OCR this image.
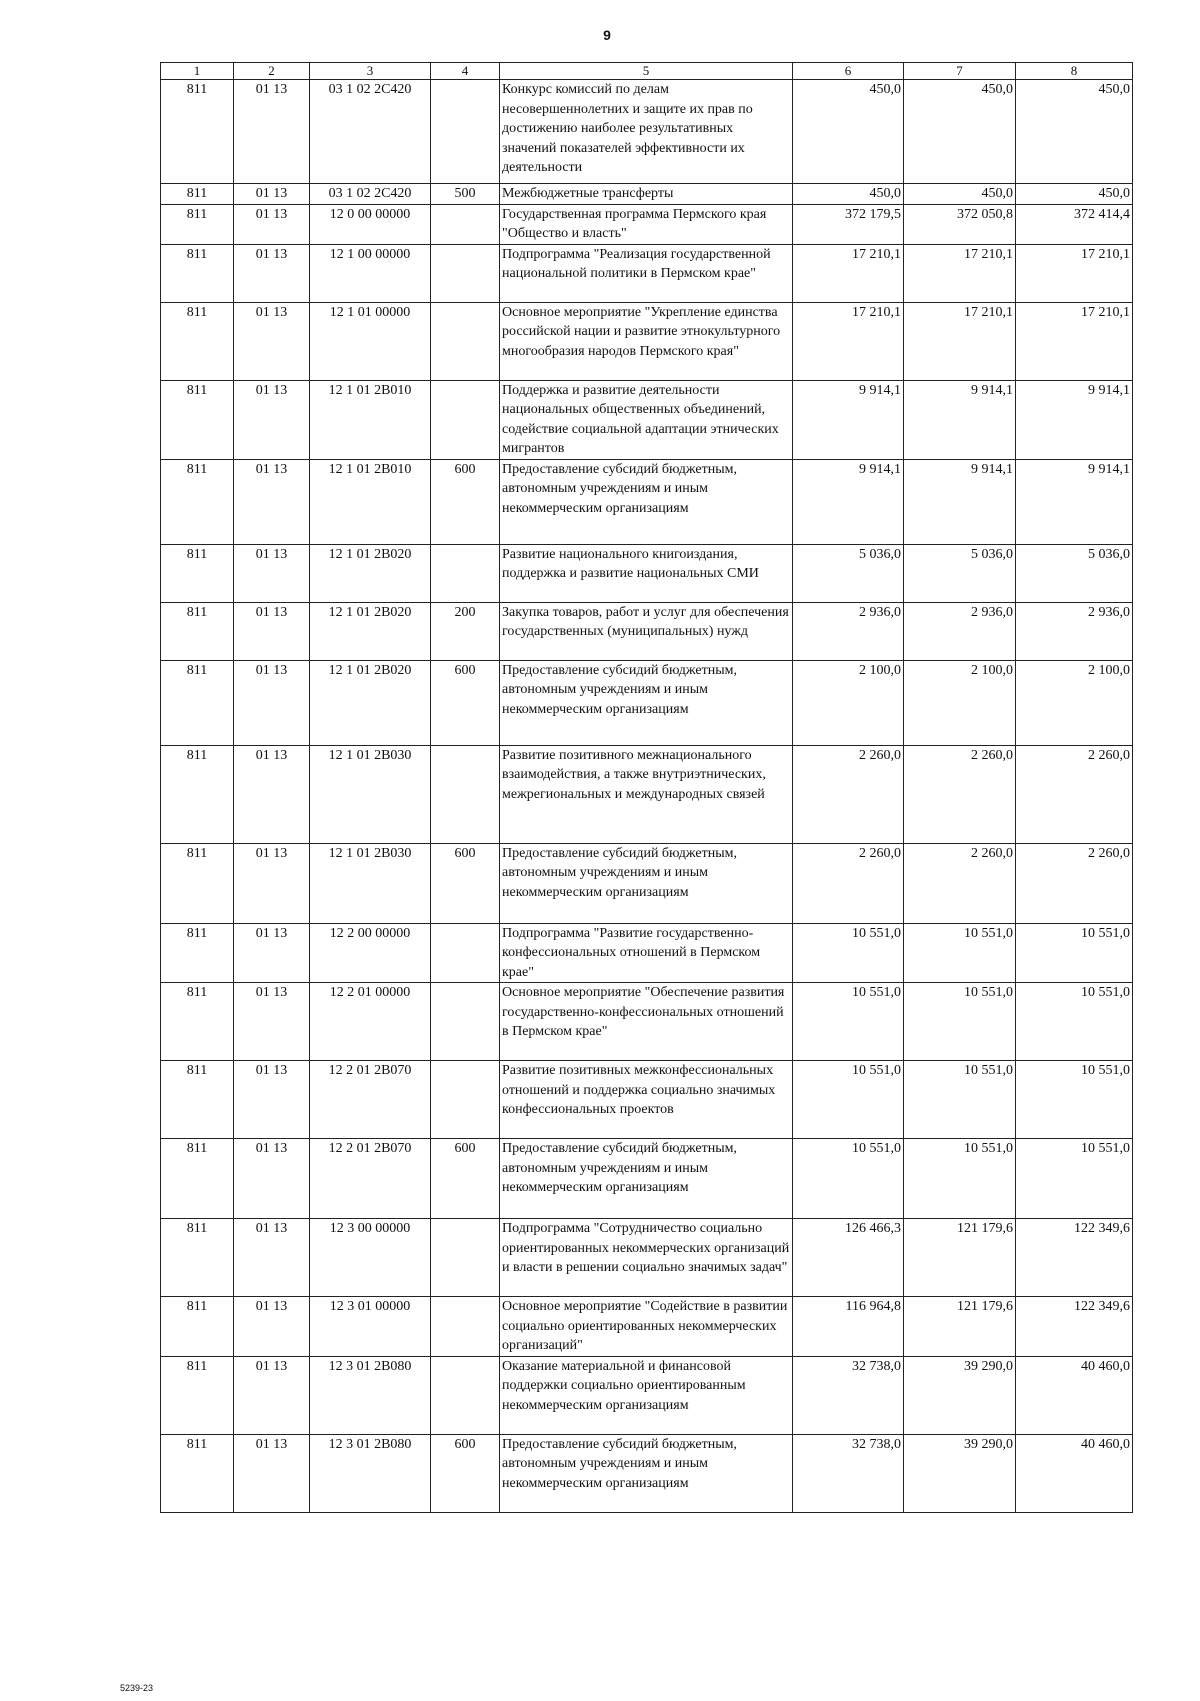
9
1	2	3	4	5	6	7	8
811	01 13	03 1 02 2С420		Конкурс комиссий по делам несовершеннолетних и защите их прав по достижению наиболее результативных значений показателей эффективности их деятельности	450,0	450,0	450,0
811	01 13	03 1 02 2С420	500	Межбюджетные трансферты	450,0	450,0	450,0
811	01 13	12 0 00 00000		Государственная программа Пермского края "Общество и власть"	372 179,5	372 050,8	372 414,4
811	01 13	12 1 00 00000		Подпрограмма "Реализация государственной национальной политики в Пермском крае"	17 210,1	17 210,1	17 210,1
811	01 13	12 1 01 00000		Основное мероприятие "Укрепление единства российской нации и развитие этнокультурного многообразия народов Пермского края"	17 210,1	17 210,1	17 210,1
811	01 13	12 1 01 2В010		Поддержка и развитие деятельности национальных общественных объединений, содействие социальной адаптации этнических мигрантов	9 914,1	9 914,1	9 914,1
811	01 13	12 1 01 2В010	600	Предоставление субсидий бюджетным, автономным учреждениям и иным некоммерческим организациям	9 914,1	9 914,1	9 914,1
811	01 13	12 1 01 2В020		Развитие национального книгоиздания, поддержка и развитие национальных СМИ	5 036,0	5 036,0	5 036,0
811	01 13	12 1 01 2В020	200	Закупка товаров, работ и услуг для обеспечения государственных (муниципальных) нужд	2 936,0	2 936,0	2 936,0
811	01 13	12 1 01 2В020	600	Предоставление субсидий бюджетным, автономным учреждениям и иным некоммерческим организациям	2 100,0	2 100,0	2 100,0
811	01 13	12 1 01 2В030		Развитие позитивного межнационального взаимодействия, а также внутриэтнических, межрегиональных и международных связей	2 260,0	2 260,0	2 260,0
811	01 13	12 1 01 2В030	600	Предоставление субсидий бюджетным, автономным учреждениям и иным некоммерческим организациям	2 260,0	2 260,0	2 260,0
811	01 13	12 2 00 00000		Подпрограмма "Развитие государственно-конфессиональных отношений в Пермском крае"	10 551,0	10 551,0	10 551,0
811	01 13	12 2 01 00000		Основное мероприятие "Обеспечение развития государственно-конфессиональных отношений в Пермском крае"	10 551,0	10 551,0	10 551,0
811	01 13	12 2 01 2В070		Развитие позитивных межконфессиональных отношений и поддержка социально значимых конфессиональных проектов	10 551,0	10 551,0	10 551,0
811	01 13	12 2 01 2В070	600	Предоставление субсидий бюджетным, автономным учреждениям и иным некоммерческим организациям	10 551,0	10 551,0	10 551,0
811	01 13	12 3 00 00000		Подпрограмма "Сотрудничество социально ориентированных некоммерческих организаций и власти в решении социально значимых задач"	126 466,3	121 179,6	122 349,6
811	01 13	12 3 01 00000		Основное мероприятие "Содействие в развитии социально ориентированных некоммерческих организаций"	116 964,8	121 179,6	122 349,6
811	01 13	12 3 01 2В080		Оказание материальной и финансовой поддержки социально ориентированным некоммерческим организациям	32 738,0	39 290,0	40 460,0
811	01 13	12 3 01 2В080	600	Предоставление субсидий бюджетным, автономным учреждениям и иным некоммерческим организациям	32 738,0	39 290,0	40 460,0
5239-23
